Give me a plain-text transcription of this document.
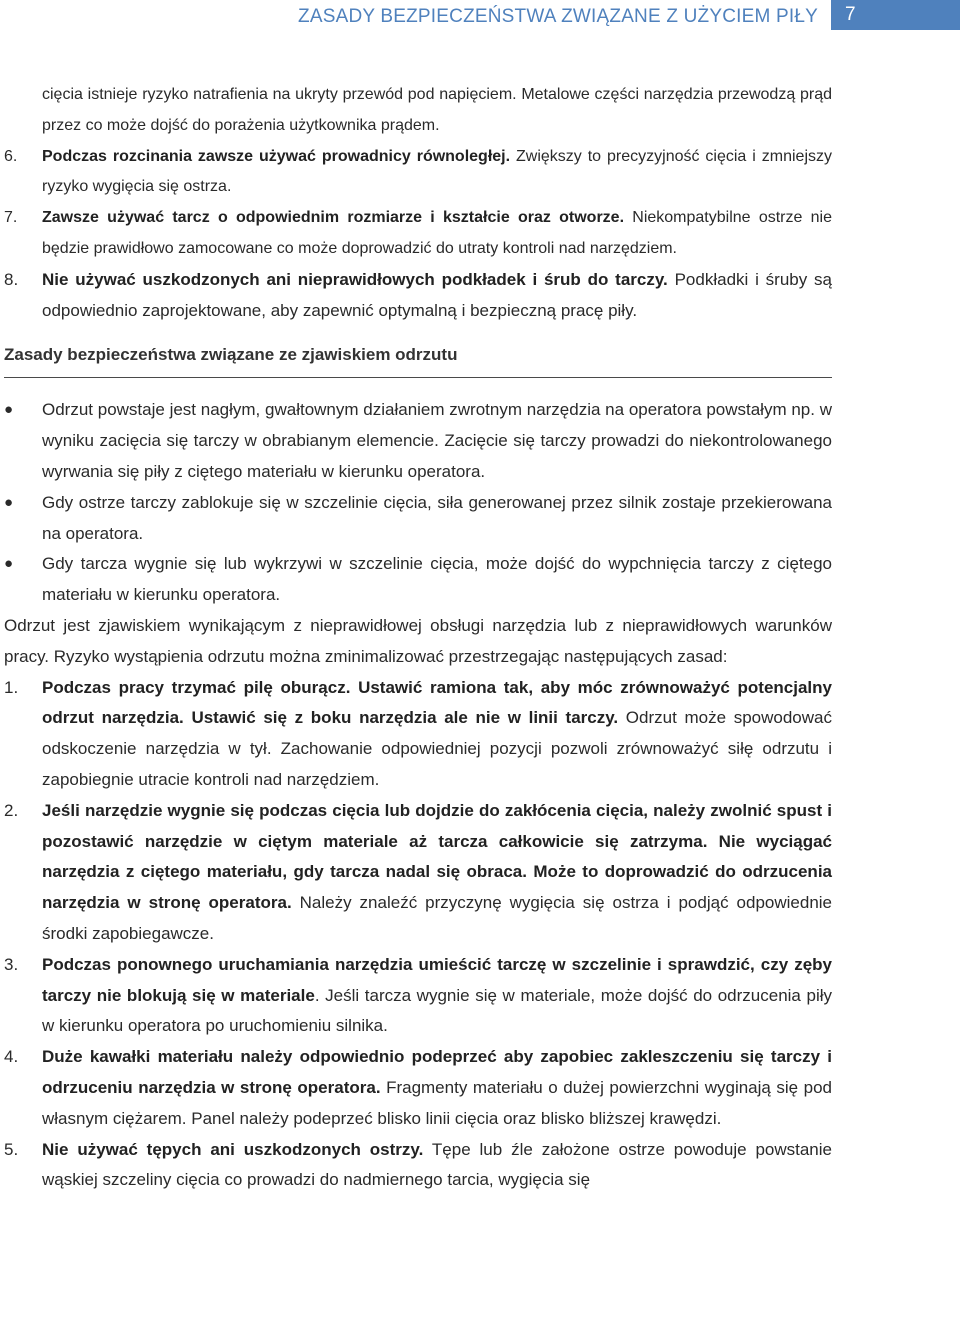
ZASADY BEZPIECZEŃSTWA ZWIĄZANE Z UŻYCIEM PIŁY	7

cięcia istnieje ryzyko natrafienia na ukryty przewód pod napięciem. Metalowe części narzędzia przewodzą prąd przez co może dojść do porażenia użytkownika prądem.

6.	Podczas rozcinania zawsze używać prowadnicy równoległej. Zwiększy to precyzyjność cięcia i zmniejszy ryzyko wygięcia się ostrza.
7.	Zawsze używać tarcz o odpowiednim rozmiarze i kształcie oraz otworze. Niekompatybilne ostrze nie będzie prawidłowo zamocowane co może doprowadzić do utraty kontroli nad narzędziem.
8.	Nie używać uszkodzonych ani nieprawidłowych podkładek i śrub do tarczy. Podkładki i śruby są odpowiednio zaprojektowane, aby zapewnić optymalną i bezpieczną pracę piły.
Zasady bezpieczeństwa związane ze zjawiskiem odrzutu
●	Odrzut powstaje jest nagłym, gwałtownym działaniem zwrotnym narzędzia na operatora powstałym np. w wyniku zacięcia się tarczy w obrabianym elemencie. Zacięcie się tarczy prowadzi do niekontrolowanego wyrwania się piły z ciętego materiału w kierunku operatora.
●	Gdy ostrze tarczy zablokuje się w szczelinie cięcia, siła generowanej przez silnik zostaje przekierowana na operatora.
●	Gdy tarcza wygnie się lub wykrzywi w szczelinie cięcia, może dojść do wypchnięcia tarczy z ciętego materiału w kierunku operatora.

Odrzut jest zjawiskiem wynikającym z nieprawidłowej obsługi narzędzia lub z nieprawidłowych warunków pracy. Ryzyko wystąpienia odrzutu można zminimalizować przestrzegając następujących zasad:

1.	Podczas pracy trzymać pilę oburącz. Ustawić ramiona tak, aby móc zrównoważyć potencjalny odrzut narzędzia. Ustawić się z boku narzędzia ale nie w linii tarczy. Odrzut może spowodować odskoczenie narzędzia w tył. Zachowanie odpowiedniej pozycji pozwoli zrównoważyć siłę odrzutu i zapobiegnie utracie kontroli nad narzędziem.
2.	Jeśli narzędzie wygnie się podczas cięcia lub dojdzie do zakłócenia cięcia, należy zwolnić spust i pozostawić narzędzie w ciętym materiale aż tarcza całkowicie się zatrzyma. Nie wyciągać narzędzia z ciętego materiału, gdy tarcza nadal się obraca. Może to doprowadzić do odrzucenia narzędzia w stronę operatora. Należy znaleźć przyczynę wygięcia się ostrza i podjąć odpowiednie środki zapobiegawcze.
3.	Podczas ponownego uruchamiania narzędzia umieścić tarczę w szczelinie i sprawdzić, czy zęby tarczy nie blokują się w materiale. Jeśli tarcza wygnie się w materiale, może dojść do odrzucenia piły w kierunku operatora po uruchomieniu silnika.
4.	Duże kawałki materiału należy odpowiednio podeprzeć aby zapobiec zakleszczeniu się tarczy i odrzuceniu narzędzia w stronę operatora. Fragmenty materiału o dużej powierzchni wyginają się pod własnym ciężarem. Panel należy podeprzeć blisko linii cięcia oraz blisko bliższej krawędzi.
5.	Nie używać tępych ani uszkodzonych ostrzy. Tępe lub źle założone ostrze powoduje powstanie wąskiej szczeliny cięcia co prowadzi do nadmiernego tarcia, wygięcia się
